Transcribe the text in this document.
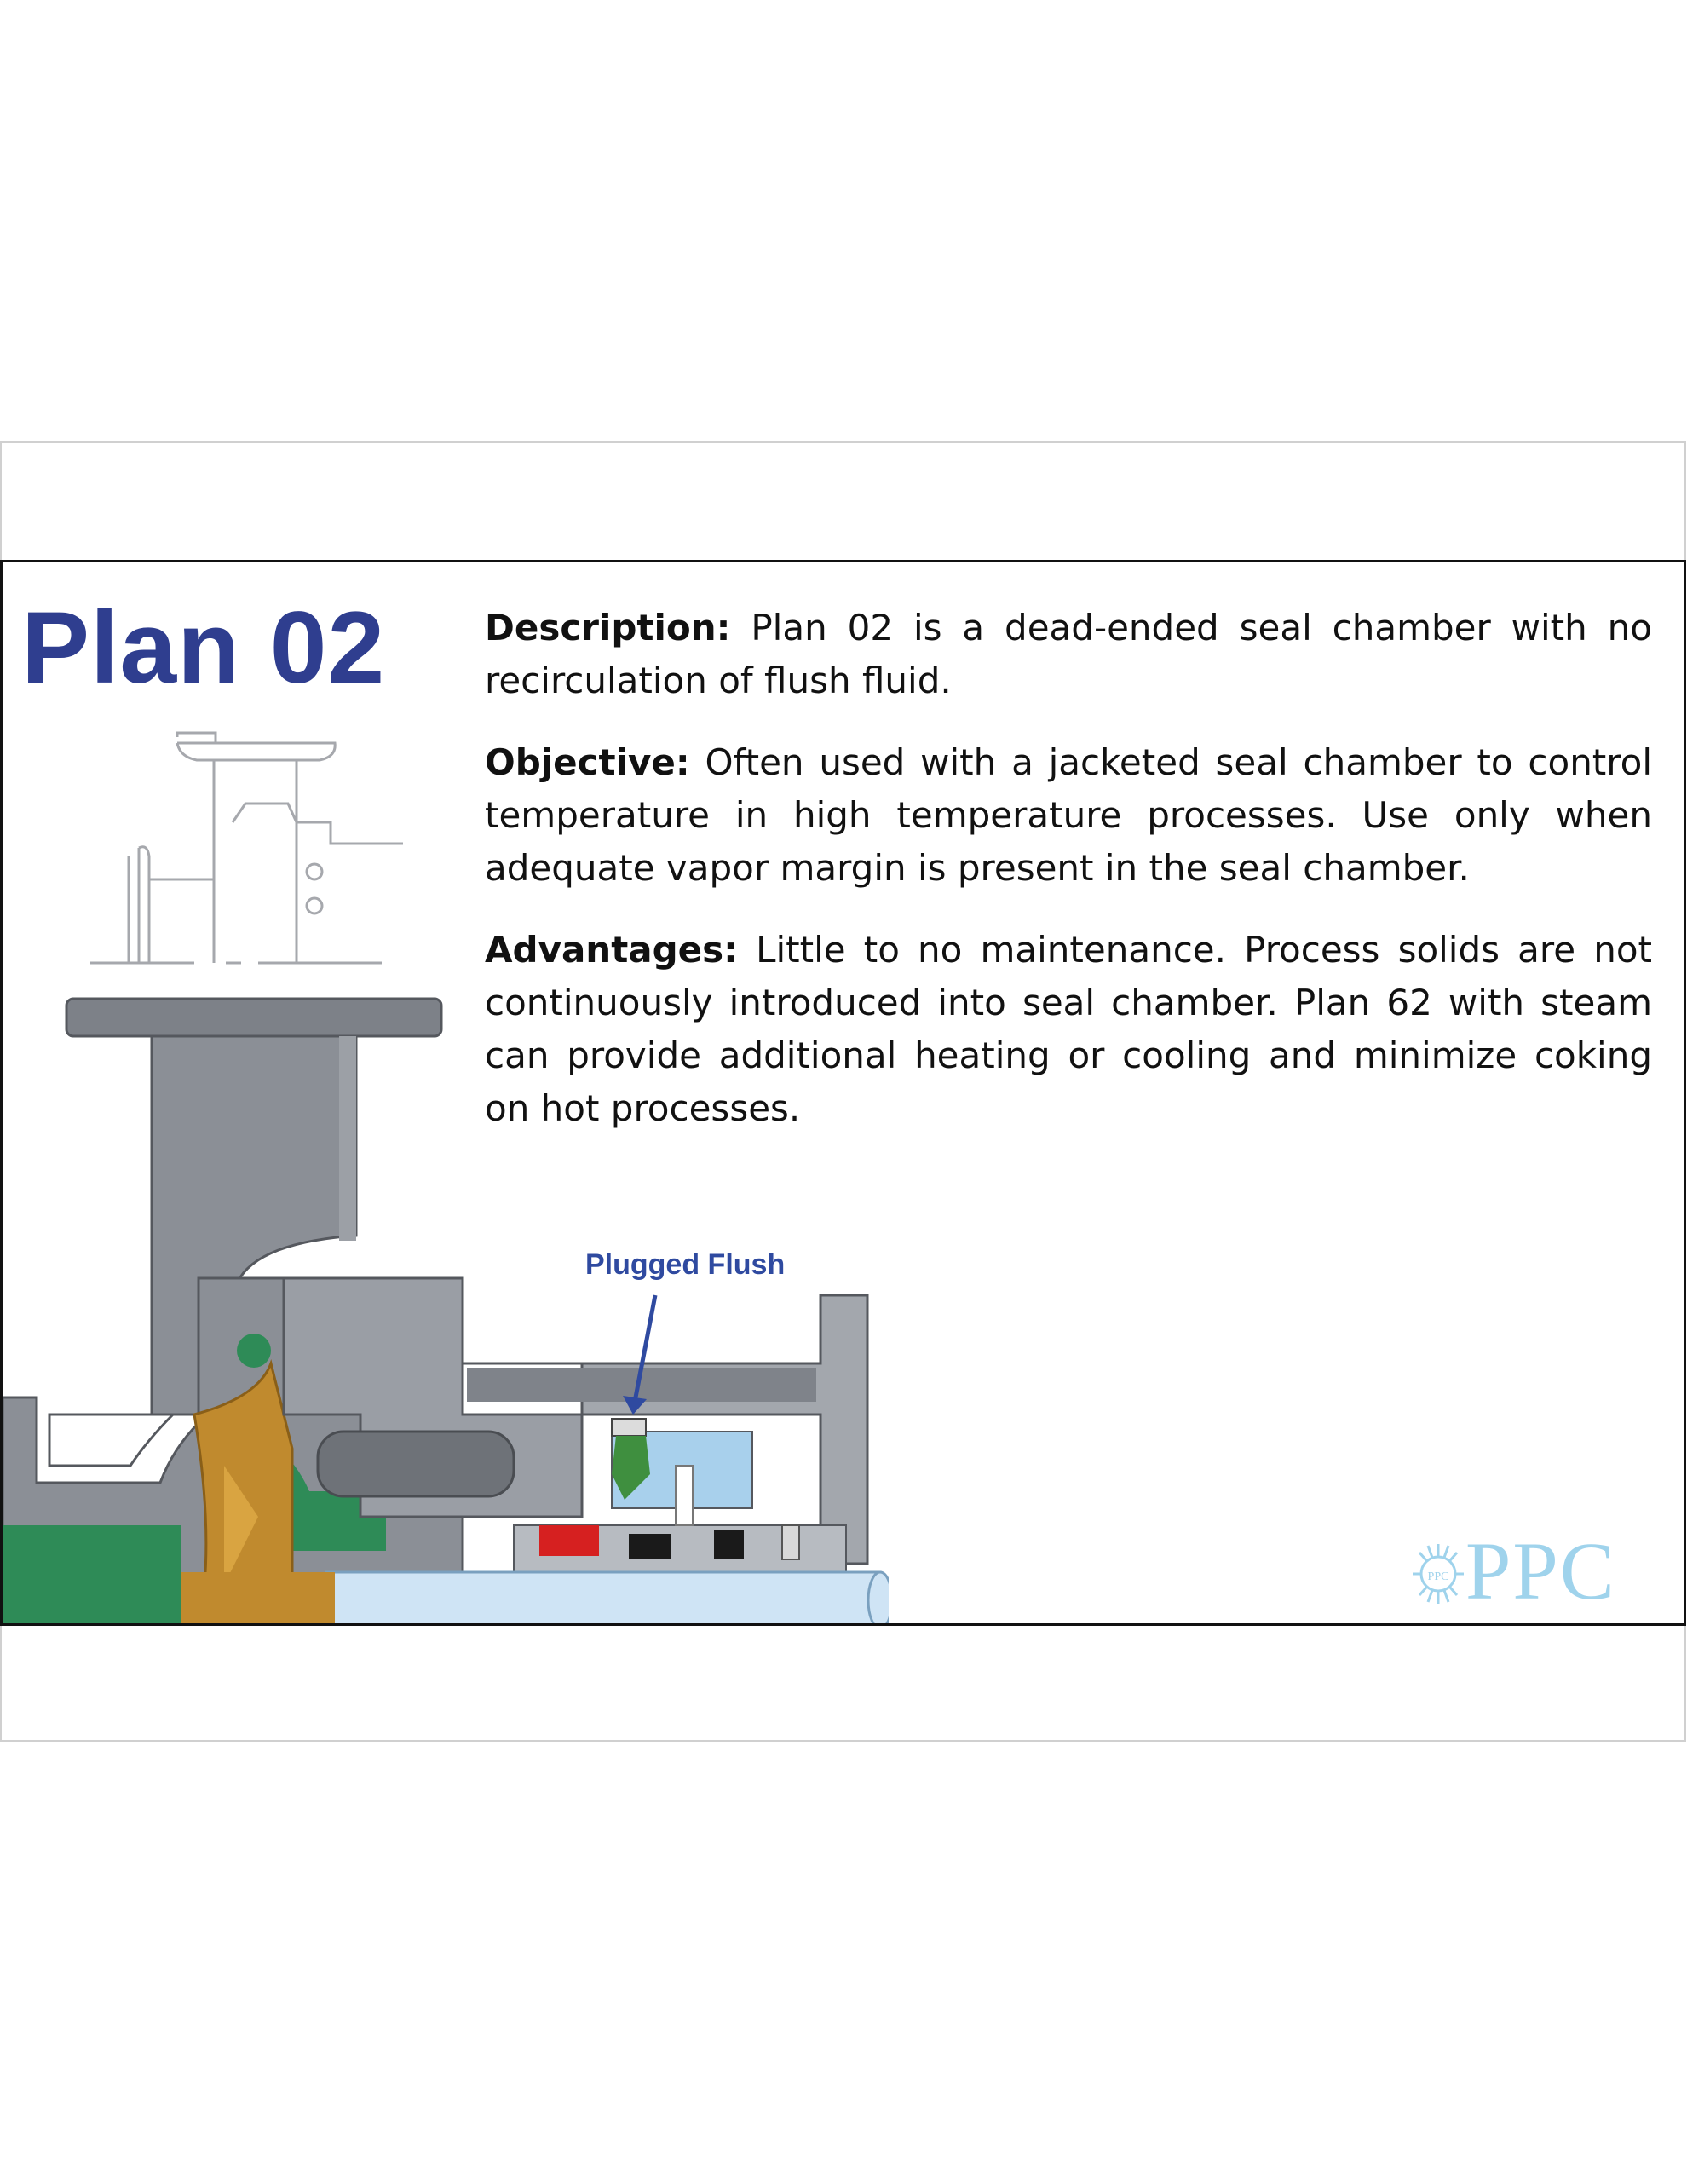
Plan 02	Description: Plan 02 is a dead-ended seal chamber with no recirculation of flush fluid.

Objective: Often used with a jacketed seal chamber to control temperature in high temperature processes. Use only when adequate vapor margin is present in the seal chamber.

Advantages: Little to no maintenance. Process solids are not continuously introduced into seal chamber. Plan 62 with steam can provide additional heating or cooling and minimize coking on hot processes.

Plugged Flush
PPC PPC
